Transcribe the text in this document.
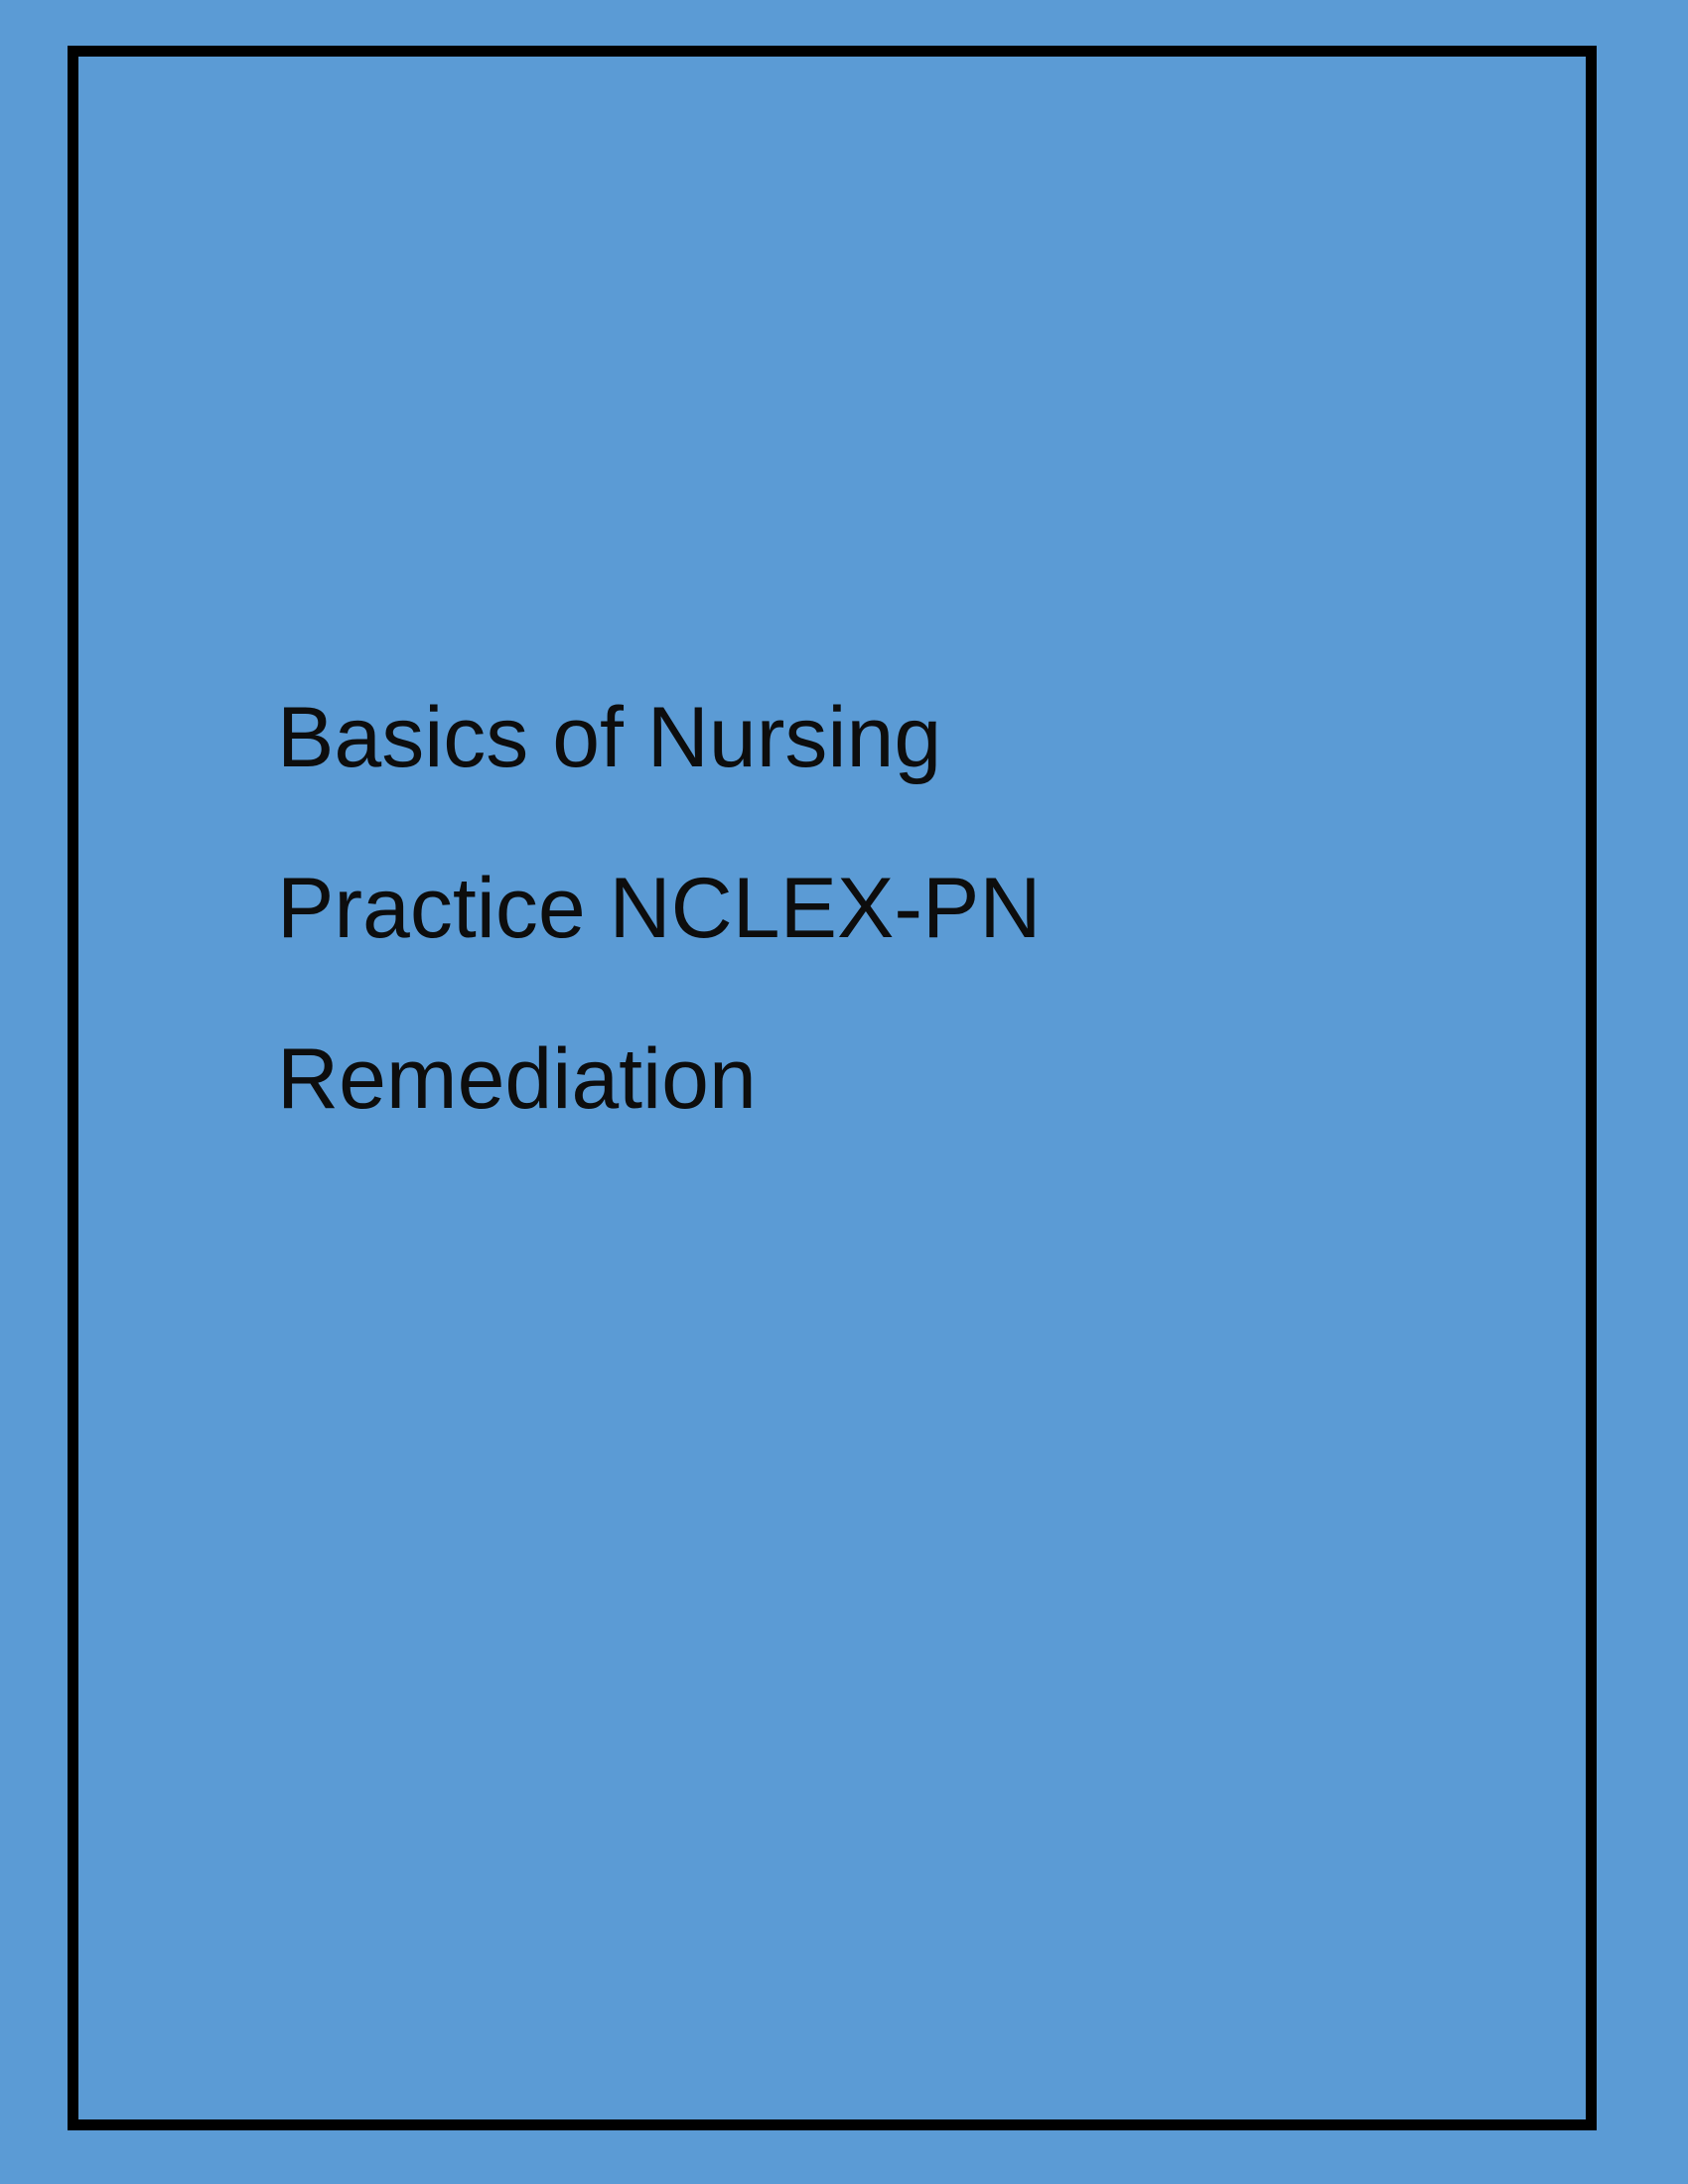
Basics of Nursing
Practice NCLEX-PN
Remediation
